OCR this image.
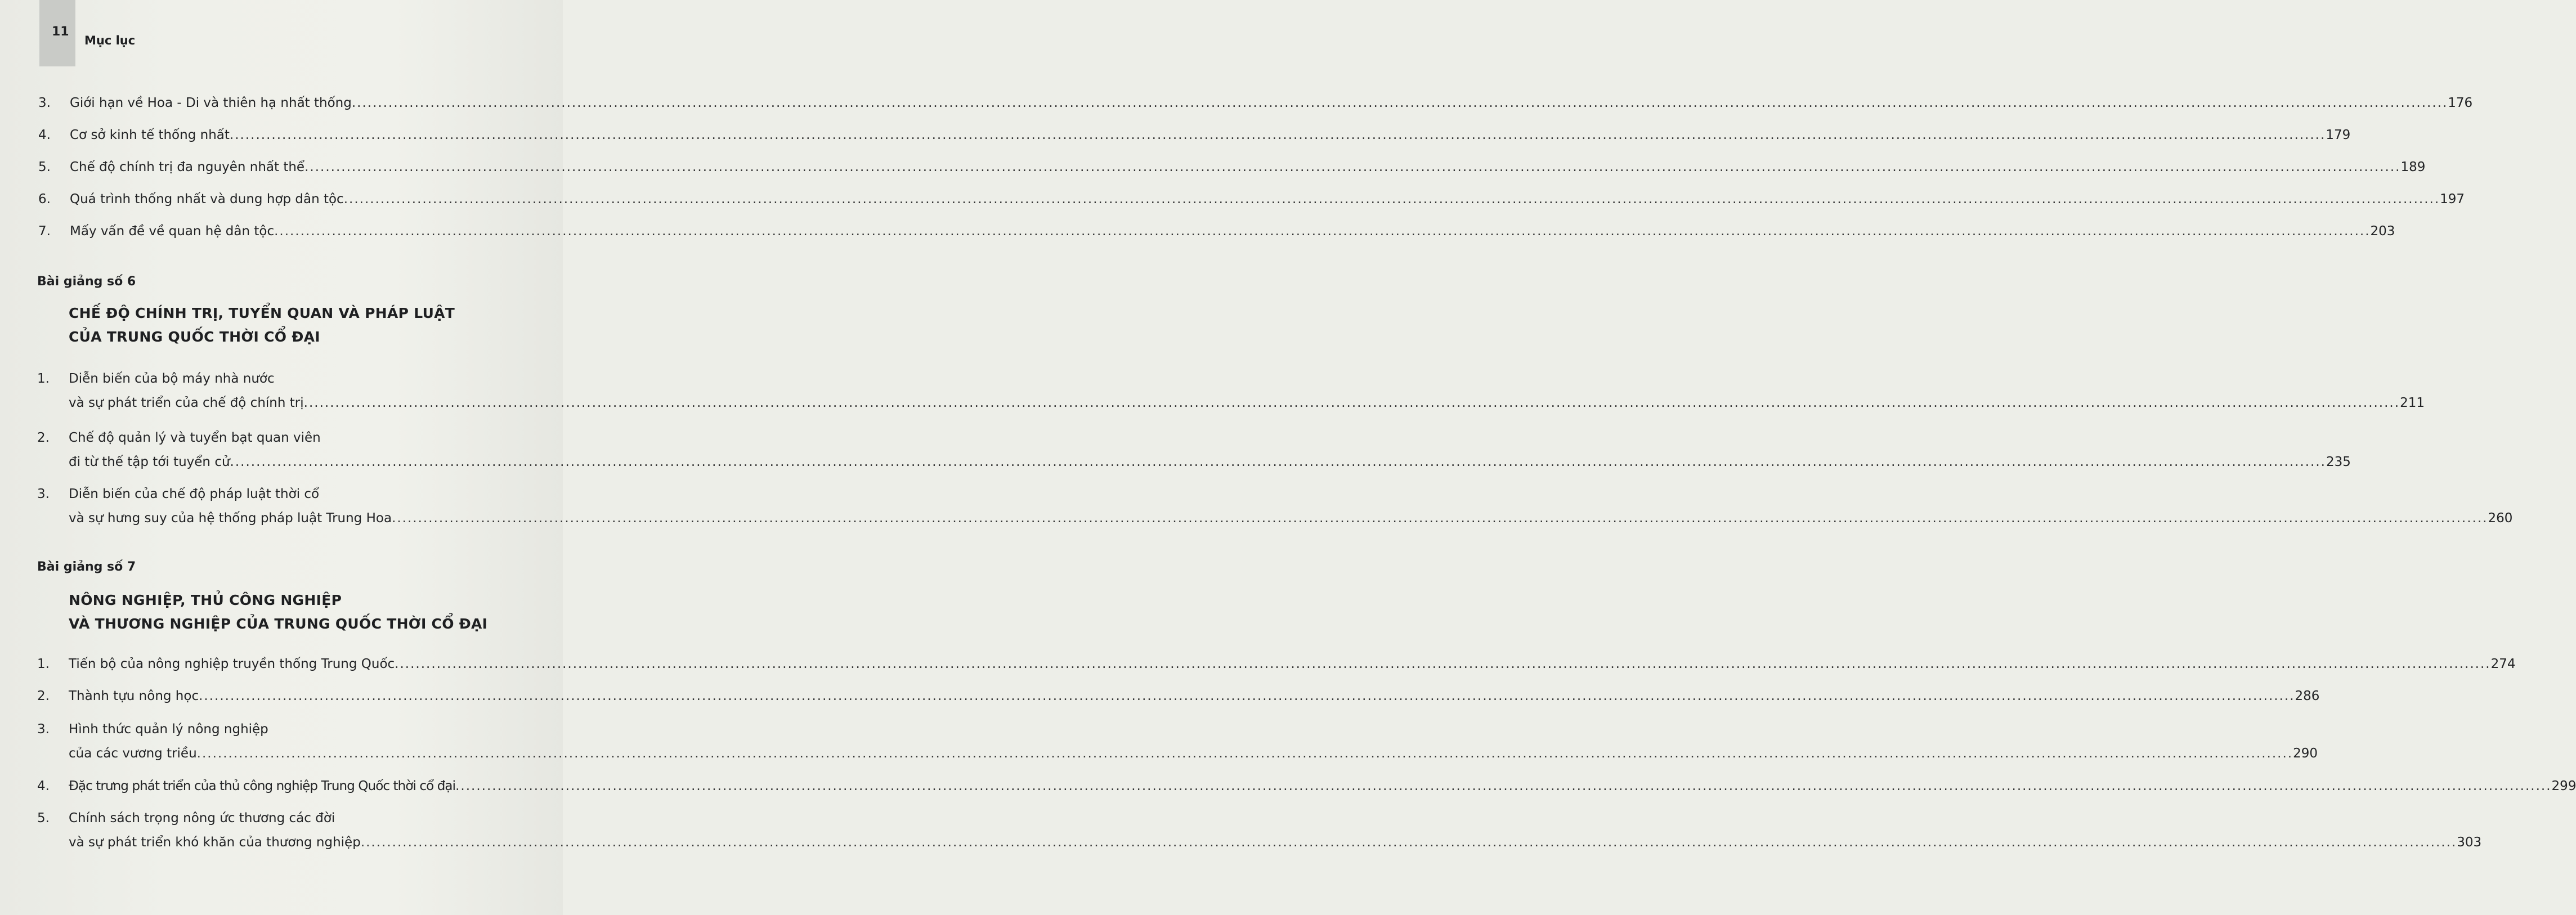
11
Mục lục
3. Giới hạn về Hoa - Di và thiên hạ nhất thống ................................................................................................................................................................................................................................................................................................................................................................................................................ 176
4. Cơ sở kinh tế thống nhất ................................................................................................................................................................................................................................................................................................................................................................................................................ 179
5. Chế độ chính trị đa nguyên nhất thể ................................................................................................................................................................................................................................................................................................................................................................................................................ 189
6. Quá trình thống nhất và dung hợp dân tộc ................................................................................................................................................................................................................................................................................................................................................................................................................ 197
7. Mấy vấn đề về quan hệ dân tộc ................................................................................................................................................................................................................................................................................................................................................................................................................ 203
Bài giảng số 6
CHẾ ĐỘ CHÍNH TRỊ, TUYỂN QUAN VÀ PHÁP LUẬT
CỦA TRUNG QUỐC THỜI CỔ ĐẠI
1. Diễn biến của bộ máy nhà nước
và sự phát triển của chế độ chính trị ................................................................................................................................................................................................................................................................................................................................................................................................................ 211
2. Chế độ quản lý và tuyển bạt quan viên
đi từ thế tập tới tuyển cử ................................................................................................................................................................................................................................................................................................................................................................................................................ 235
3. Diễn biến của chế độ pháp luật thời cổ
và sự hưng suy của hệ thống pháp luật Trung Hoa ................................................................................................................................................................................................................................................................................................................................................................................................................ 260
Bài giảng số 7
NÔNG NGHIỆP, THỦ CÔNG NGHIỆP
VÀ THƯƠNG NGHIỆP CỦA TRUNG QUỐC THỜI CỔ ĐẠI
1. Tiến bộ của nông nghiệp truyền thống Trung Quốc ................................................................................................................................................................................................................................................................................................................................................................................................................ 274
2. Thành tựu nông học ................................................................................................................................................................................................................................................................................................................................................................................................................ 286
3. Hình thức quản lý nông nghiệp
của các vương triều ................................................................................................................................................................................................................................................................................................................................................................................................................ 290
4. Đặc trưng phát triển của thủ công nghiệp Trung Quốc thời cổ đại ................................................................................................................................................................................................................................................................................................................................................................................................................ 299
5. Chính sách trọng nông ức thương các đời
và sự phát triển khó khăn của thương nghiệp ................................................................................................................................................................................................................................................................................................................................................................................................................ 303
